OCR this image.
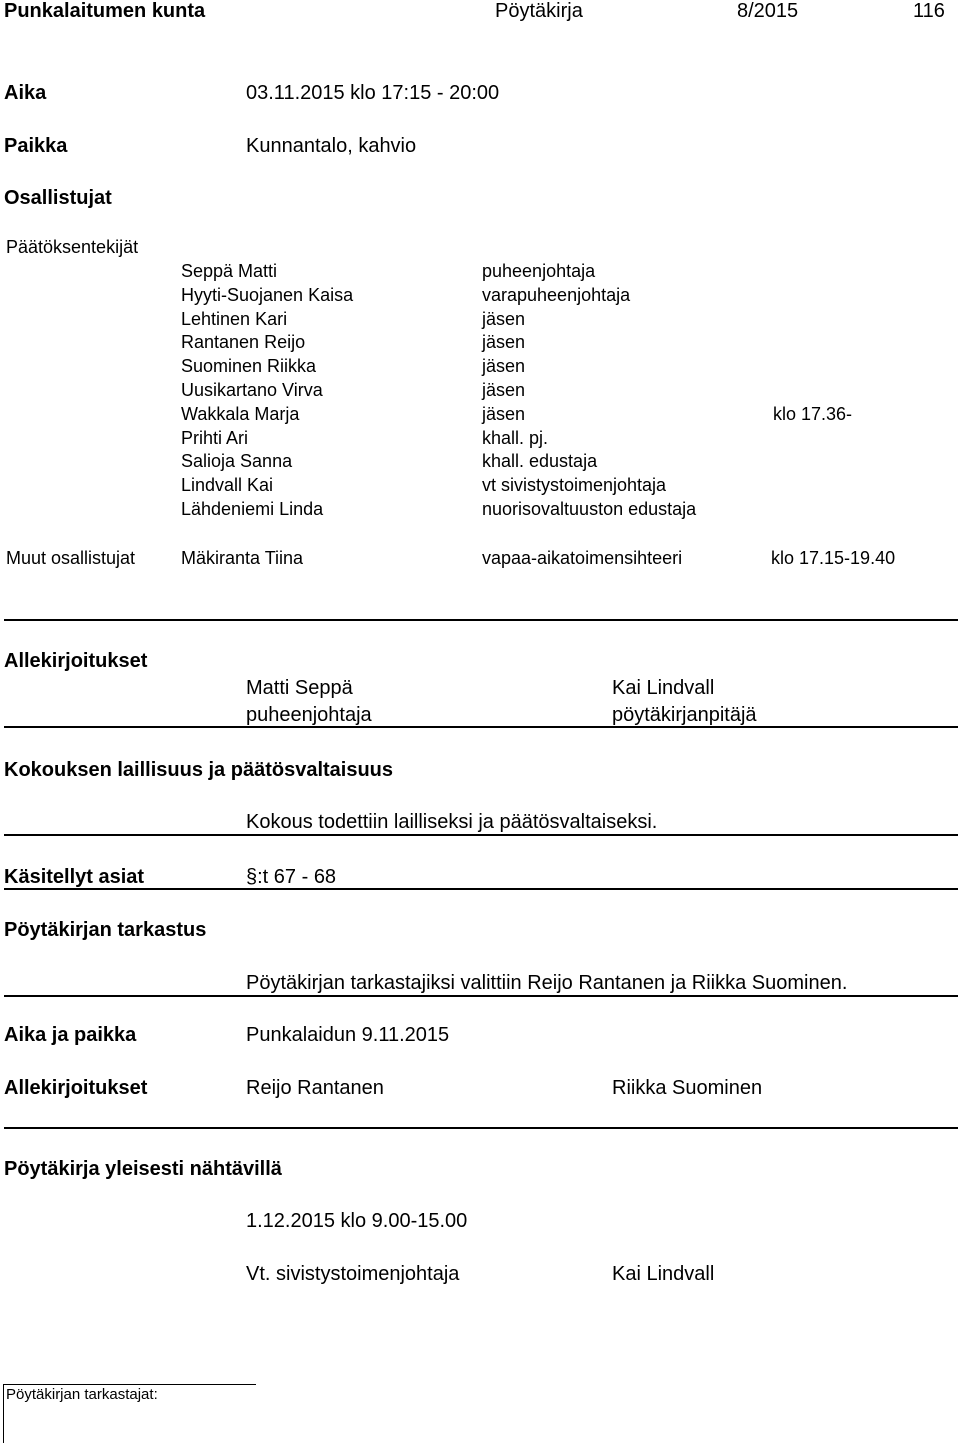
Punkalaitumen kunta	Pöytäkirja	8/2015	116
Aika	03.11.2015 klo 17:15 - 20:00
Paikka	Kunnantalo, kahvio
Osallistujat
Päätöksentekijät
Seppä Matti	puheenjohtaja
Hyyti-Suojanen Kaisa	varapuheenjohtaja
Lehtinen Kari	jäsen
Rantanen Reijo	jäsen
Suominen Riikka	jäsen
Uusikartano Virva	jäsen
Wakkala Marja	jäsen	klo 17.36-
Prihti Ari	khall. pj.
Salioja Sanna	khall. edustaja
Lindvall Kai	vt sivistystoimenjohtaja
Lähdeniemi Linda	nuorisovaltuuston edustaja
Muut osallistujat	Mäkiranta Tiina	vapaa-aikatoimensihteeri	klo 17.15-19.40
Allekirjoitukset
Matti Seppä	Kai Lindvall
puheenjohtaja	pöytäkirjanpitäjä
Kokouksen laillisuus ja päätösvaltaisuus
Kokous todettiin lailliseksi ja päätösvaltaiseksi.
Käsitellyt asiat	§:t 67 - 68
Pöytäkirjan tarkastus
Pöytäkirjan tarkastajiksi valittiin Reijo Rantanen ja Riikka Suominen.
Aika ja paikka	Punkalaidun 9.11.2015
Allekirjoitukset	Reijo Rantanen	Riikka Suominen
Pöytäkirja yleisesti nähtävillä
1.12.2015 klo 9.00-15.00
Vt. sivistystoimenjohtaja	Kai Lindvall
Pöytäkirjan tarkastajat:
